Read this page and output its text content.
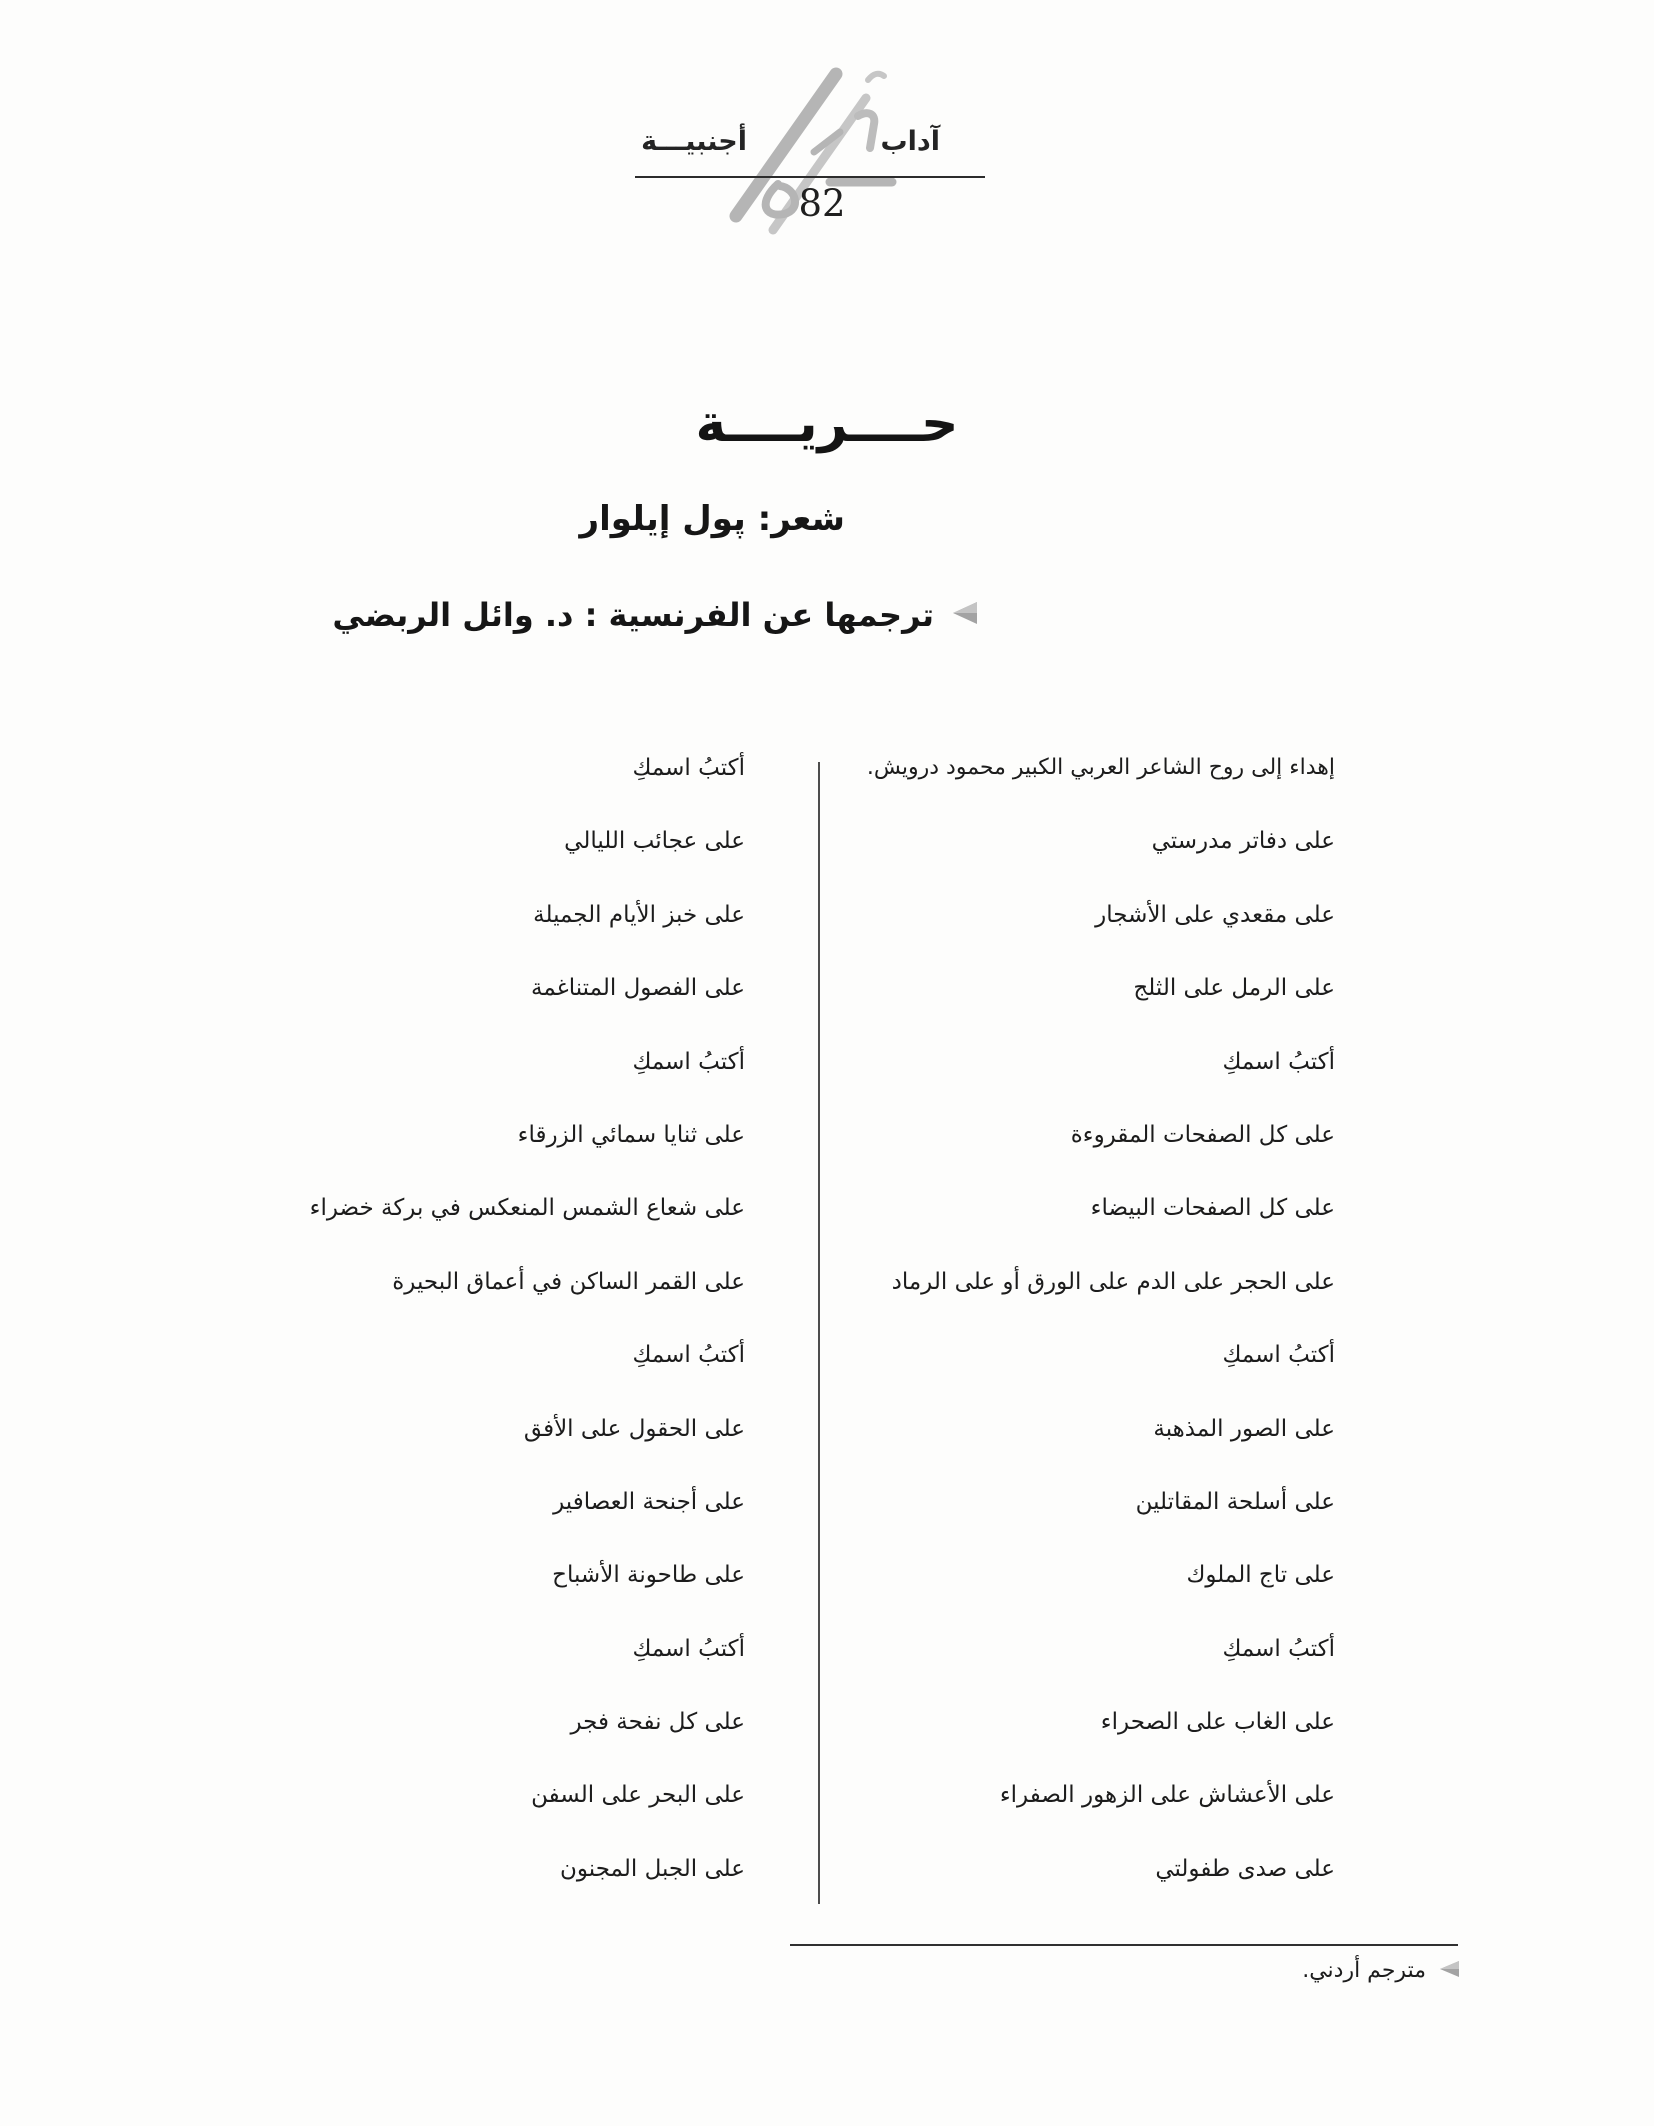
آداب
أجنبيـــة
82
حــــريــــة
شعر: پول إيلوار
ترجمها عن الفرنسية : د. وائل الربضي
إهداء إلى روح الشاعر العربي الكبير محمود درويش.
على دفاتر مدرستي
على مقعدي على الأشجار
على الرمل على الثلج
أكتبُ اسمكِ
على كل الصفحات المقروءة
على كل الصفحات البيضاء
على الحجر على الدم على الورق أو على الرماد
أكتبُ اسمكِ
على الصور المذهبة
على أسلحة المقاتلين
على تاج الملوك
أكتبُ اسمكِ
على الغاب على الصحراء
على الأعشاش على الزهور الصفراء
على صدى طفولتي
أكتبُ اسمكِ
على عجائب الليالي
على خبز الأيام الجميلة
على الفصول المتناغمة
أكتبُ اسمكِ
على ثنايا سمائي الزرقاء
على شعاع الشمس المنعكس في بركة خضراء
على القمر الساكن في أعماق البحيرة
أكتبُ اسمكِ
على الحقول على الأفق
على أجنحة العصافير
على طاحونة الأشباح
أكتبُ اسمكِ
على كل نفحة فجر
على البحر على السفن
على الجبل المجنون
مترجم أردني.
